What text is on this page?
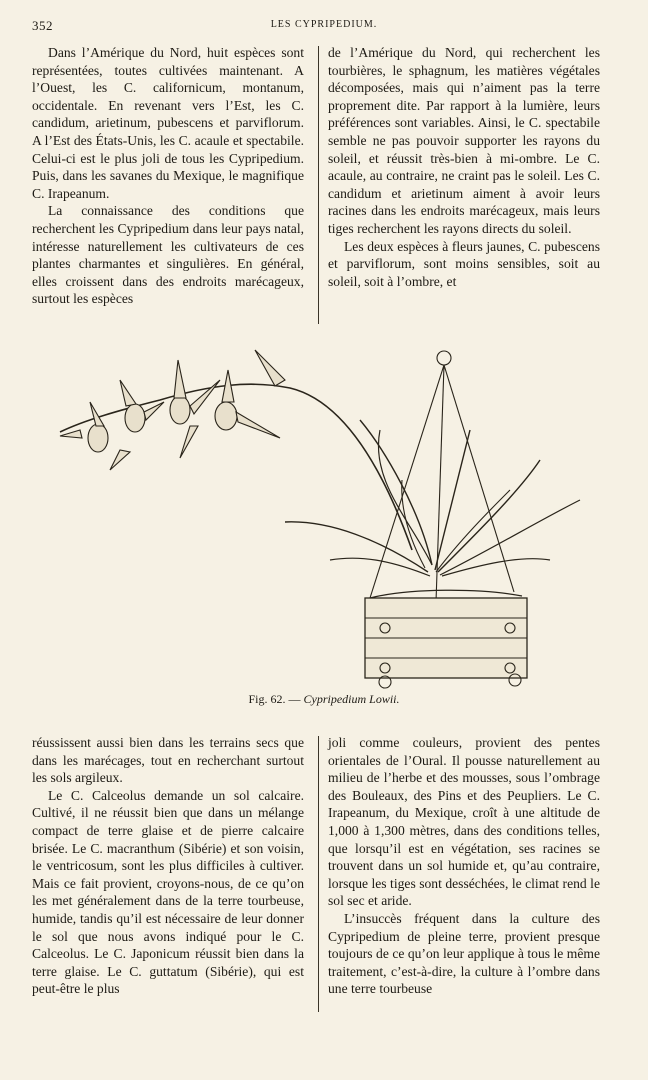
352	LES CYPRIPEDIUM.

Dans l’Amérique du Nord, huit espèces sont représentées, toutes cultivées maintenant. A l’Ouest, les C. californicum, montanum, occidentale. En revenant vers l’Est, les C. candidum, arietinum, pubescens et parviflorum. A l’Est des États-Unis, les C. acaule et spectabile. Celui-ci est le plus joli de tous les Cypripedium. Puis, dans les savanes du Mexique, le magnifique C. Irapeanum.

La connaissance des conditions que recherchent les Cypripedium dans leur pays natal, intéresse naturellement les cultivateurs de ces plantes charmantes et singulières. En général, elles croissent dans des endroits marécageux, surtout les espèces

de l’Amérique du Nord, qui recherchent les tourbières, le sphagnum, les matières végétales décomposées, mais qui n’aiment pas la terre proprement dite. Par rapport à la lumière, leurs préférences sont variables. Ainsi, le C. spectabile semble ne pas pouvoir supporter les rayons du soleil, et réussit très-bien à mi-ombre. Le C. acaule, au contraire, ne craint pas le soleil. Les C. candidum et arietinum aiment à avoir leurs racines dans les endroits marécageux, mais leurs tiges recherchent les rayons directs du soleil.

Les deux espèces à fleurs jaunes, C. pubescens et parviflorum, sont moins sensibles, soit au soleil, soit à l’ombre, et

Fig. 62. — Cypripedium Lowii.

réussissent aussi bien dans les terrains secs que dans les marécages, tout en recherchant surtout les sols argileux.

Le C. Calceolus demande un sol calcaire. Cultivé, il ne réussit bien que dans un mélange compact de terre glaise et de pierre calcaire brisée. Le C. macranthum (Sibérie) et son voisin, le ventricosum, sont les plus difficiles à cultiver. Mais ce fait provient, croyons-nous, de ce qu’on les met généralement dans de la terre tourbeuse, humide, tandis qu’il est nécessaire de leur donner le sol que nous avons indiqué pour le C. Calceolus. Le C. Japonicum réussit bien dans la terre glaise. Le C. guttatum (Sibérie), qui est peut-être le plus

joli comme couleurs, provient des pentes orientales de l’Oural. Il pousse naturellement au milieu de l’herbe et des mousses, sous l’ombrage des Bouleaux, des Pins et des Peupliers. Le C. Irapeanum, du Mexique, croît à une altitude de 1,000 à 1,300 mètres, dans des conditions telles, que lorsqu’il est en végétation, ses racines se trouvent dans un sol humide et, qu’au contraire, lorsque les tiges sont desséchées, le climat rend le sol sec et aride.

L’insuccès fréquent dans la culture des Cypripedium de pleine terre, provient presque toujours de ce qu’on leur applique à tous le même traitement, c’est-à-dire, la culture à l’ombre dans une terre tourbeuse
